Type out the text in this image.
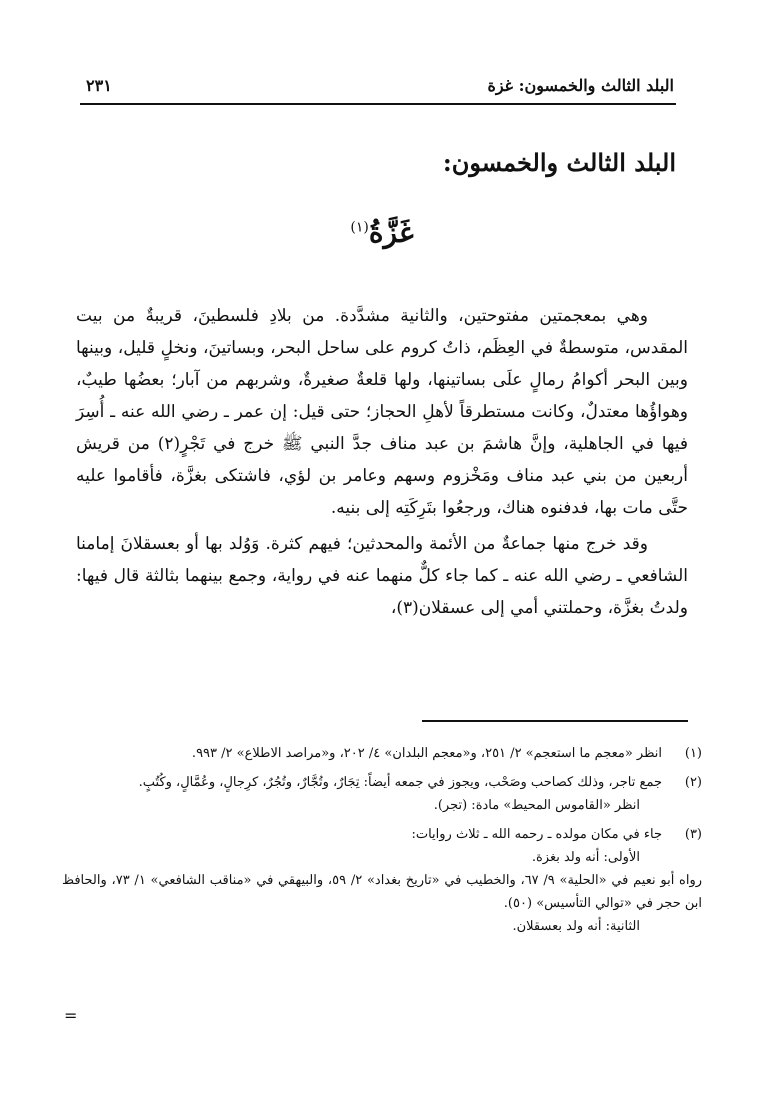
البلد الثالث والخمسون: غزة
٢٣١
البلد الثالث والخمسون:
غَزَّةُ$^{(١)}$

وهي بمعجمتين مفتوحتين، والثانية مشدَّدة. من بلادِ فلسطينَ، قريبةٌ من بيت المقدس، متوسطةٌ في العِظَم، ذاتُ كروم على ساحل البحر، وبساتينَ، ونخلٍ قليل، وبينها وبين البحر أكوامُ رمالٍ علَى بساتينها، ولها قلعةٌ صغيرةٌ، وشربهم من آبار؛ بعضُها طيبٌ، وهواؤُها معتدلٌ، وكانت مستطرقاً لأهلِ الحجاز؛ حتى قيل: إن عمر ـ رضي الله عنه ـ أُسِرَ فيها في الجاهلية، وإنَّ هاشمَ بن عبد مناف جدَّ النبي ﷺ خرج في تَجْرٍ(٢) من قريش أربعين من بني عبد مناف ومَخْزوم وسهم وعامر بن لؤي، فاشتكى بغزَّة، فأقاموا عليه حتَّى مات بها، فدفنوه هناك، ورجعُوا بتَرِكَتِه إلى بنيه.

وقد خرج منها جماعةٌ من الأئمة والمحدثين؛ فيهم كثرة. وَوُلد بها أو بعسقلانَ إمامنا الشافعي ـ رضي الله عنه ـ كما جاء كلٌّ منهما عنه في رواية، وجمع بينهما بثالثة قال فيها: ولدتُ بغزَّة، وحملتني أمي إلى عسقلان(٣)،

(١)
انظر «معجم ما استعجم» ٢/ ٢٥١، و«معجم البلدان» ٤/ ٢٠٢، و«مراصد الاطلاع» ٢/ ٩٩٣.
(٢)
جمع تاجر، وذلك كصاحب وصَحْب، ويجوز في جمعه أيضاً: تِجَارٌ، وتُجَّارٌ، وتُجُرٌ، كرِجالٍ، وعُمَّالٍ، وكُتُبٍ.
انظر «القاموس المحيط» مادة: (تجر).
(٣)
جاء في مكان مولده ـ رحمه الله ـ ثلاث روايات:
الأولى: أنه ولد بغزة.
رواه أبو نعيم في «الحلية» ٩/ ٦٧، والخطيب في «تاريخ بغداد» ٢/ ٥٩، والبيهقي في «مناقب الشافعي» ١/ ٧٣، والحافظ ابن حجر في «توالي التأسيس» (٥٠).
الثانية: أنه ولد بعسقلان.
=
